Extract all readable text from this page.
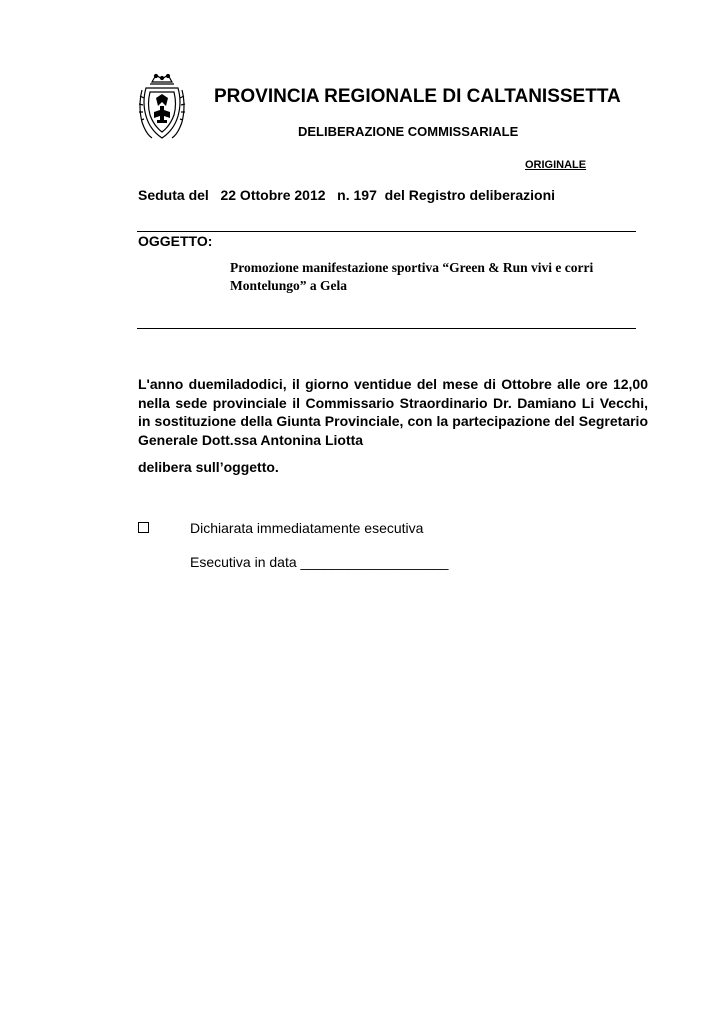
PROVINCIA REGIONALE DI CALTANISSETTA
DELIBERAZIONE COMMISSARIALE
ORIGINALE
Seduta del   22 Ottobre 2012   n. 197  del Registro deliberazioni
OGGETTO:
Promozione manifestazione sportiva “Green & Run vivi e corri Montelungo” a Gela
L'anno duemiladodici, il giorno ventidue del mese di Ottobre alle ore 12,00 nella sede provinciale il Commissario Straordinario Dr. Damiano Li Vecchi, in sostituzione della Giunta Provinciale, con la partecipazione del Segretario Generale Dott.ssa Antonina Liotta
delibera sull’oggetto.
Dichiarata immediatamente esecutiva
Esecutiva in data ___________________
